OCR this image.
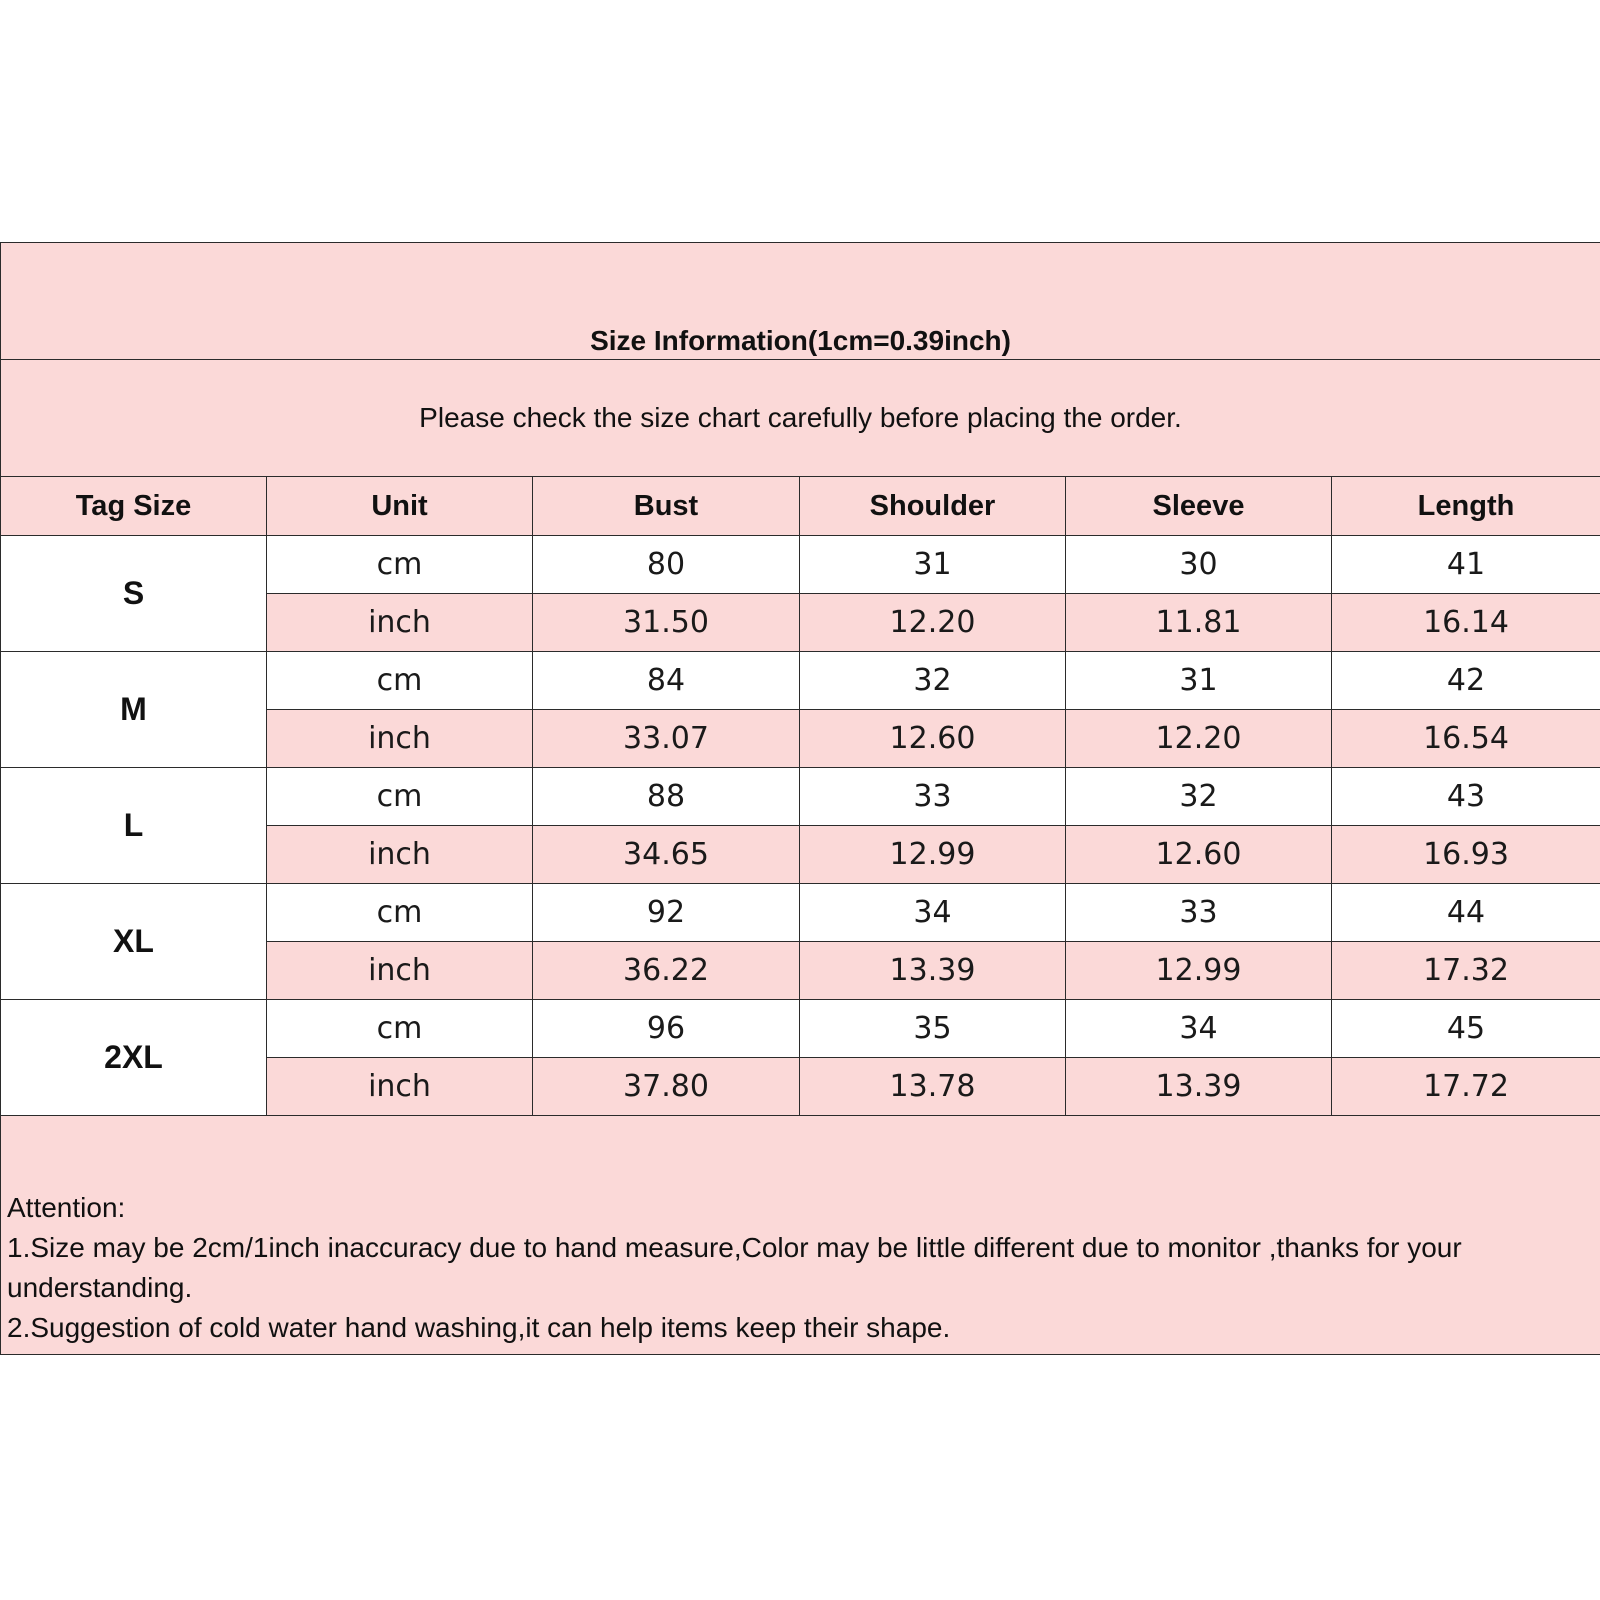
Size Information(1cm=0.39inch)					

Please check the size chart carefully before placing the order.					
Tag Size	Unit	Bust	Shoulder	Sleeve	Length
S	cm	80	31	30	41
	inch	31.50	12.20	11.81	16.14
M	cm	84	32	31	42
	inch	33.07	12.60	12.20	16.54
L	cm	88	33	32	43
	inch	34.65	12.99	12.60	16.93
XL	cm	92	34	33	44
	inch	36.22	13.39	12.99	17.32
2XL	cm	96	35	34	45
	inch	37.80	13.78	13.39	17.72

Attention:

1.Size may be 2cm/1inch inaccuracy due to hand measure,Color may be little different due to monitor ,thanks for your understanding.

2.Suggestion of cold water hand washing,it can help items keep their shape.					
